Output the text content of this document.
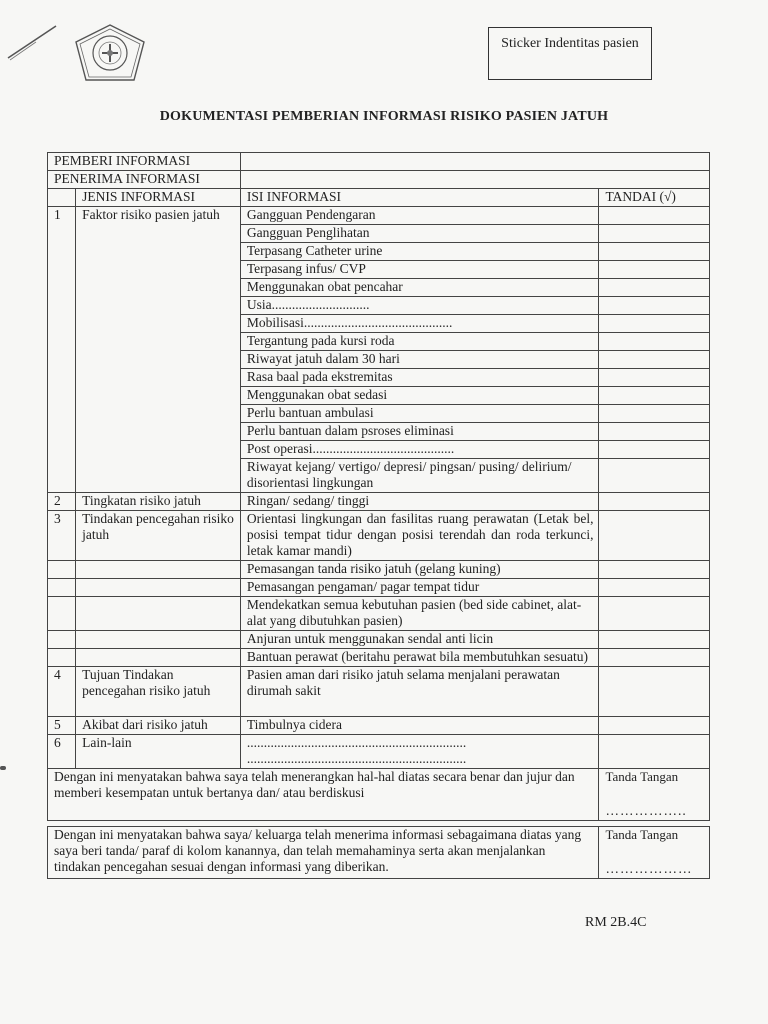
Sticker Indentitas pasien
DOKUMENTASI PEMBERIAN INFORMASI RISIKO PASIEN JATUH
PEMBERI INFORMASI			
PENERIMA INFORMASI			
	JENIS INFORMASI	ISI INFORMASI	TANDAI (√)
1	Faktor risiko pasien jatuh	Gangguan Pendengaran	
		Gangguan Penglihatan	
		Terpasang Catheter urine	
		Terpasang infus/ CVP	
		Menggunakan obat pencahar	
		Usia.............................	
		Mobilisasi............................................	
		Tergantung pada kursi roda	
		Riwayat jatuh dalam 30 hari	
		Rasa baal pada ekstremitas	
		Menggunakan obat sedasi	
		Perlu bantuan ambulasi	
		Perlu bantuan dalam psroses eliminasi	
		Post operasi..........................................	
		Riwayat kejang/ vertigo/ depresi/ pingsan/ pusing/ delirium/ disorientasi lingkungan	
2	Tingkatan risiko jatuh	Ringan/ sedang/ tinggi	
3	Tindakan pencegahan risiko jatuh	Orientasi lingkungan dan fasilitas ruang perawatan (Letak bel, posisi tempat tidur dengan posisi terendah dan roda terkunci, letak kamar mandi)	
		Pemasangan tanda risiko jatuh (gelang kuning)	
		Pemasangan pengaman/ pagar tempat tidur	
		Mendekatkan semua kebutuhan pasien (bed side cabinet, alat-alat yang dibutuhkan pasien)	
		Anjuran untuk menggunakan sendal anti licin	
		Bantuan perawat (beritahu perawat bila membutuhkan sesuatu)	
4	Tujuan Tindakan pencegahan risiko jatuh	Pasien aman dari risiko jatuh selama menjalani perawatan dirumah sakit	
5	Akibat dari risiko jatuh	Timbulnya cidera	
6	Lain-lain	.................................................................
.................................................................	

Dengan ini menyatakan bahwa saya telah menerangkan hal-hal diatas secara benar dan jujur dan memberi kesempatan untuk bertanya dan/ atau berdiskusi			Tanda Tangan
……………..

Dengan ini menyatakan bahwa saya/ keluarga telah menerima informasi sebagaimana diatas yang saya beri tanda/ paraf di kolom kanannya, dan telah memahaminya serta akan menjalankan tindakan pencegahan sesuai dengan informasi yang diberikan.			Tanda Tangan
………………
RM 2B.4C
